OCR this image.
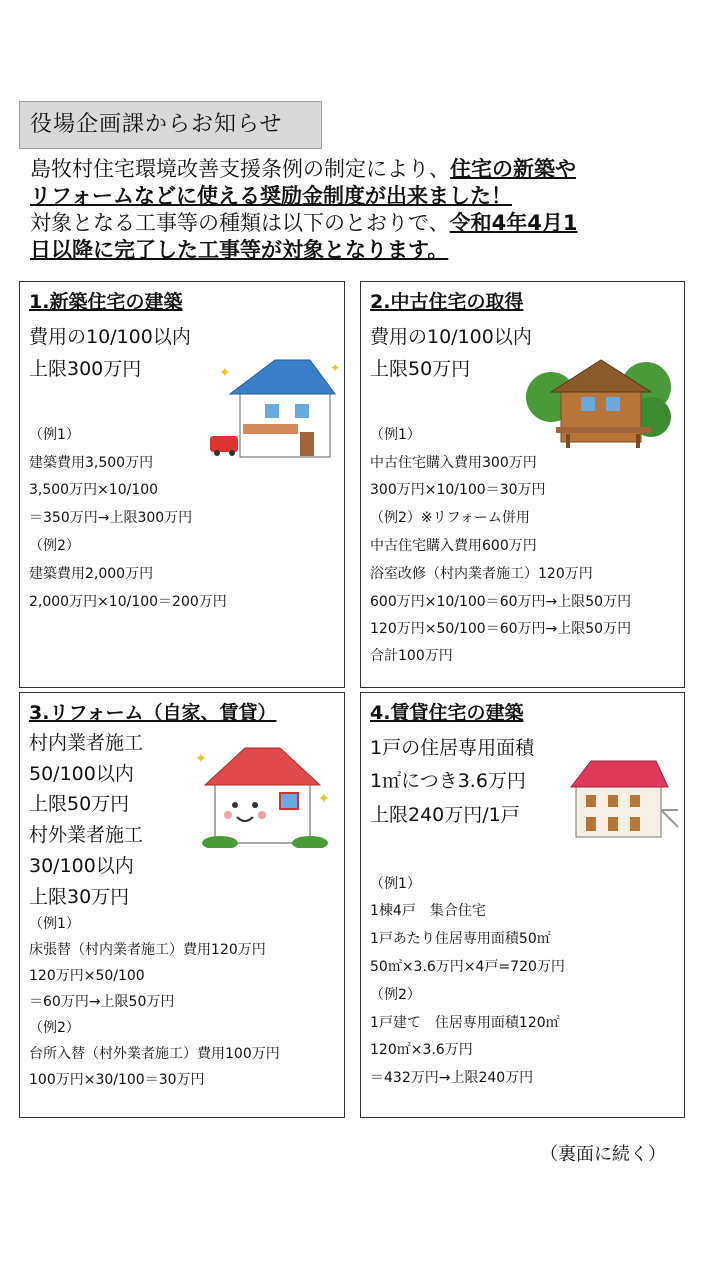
役場企画課からお知らせ
島牧村住宅環境改善支援条例の制定により、住宅の新築や
リフォームなどに使える奨励金制度が出来ました！
対象となる工事等の種類は以下のとおりで、令和4年4月1
日以降に完了した工事等が対象となります。
1.新築住宅の建築
費用の10/100以内
上限300万円
（例1）
建築費用3,500万円
3,500万円×10/100
＝350万円→上限300万円
（例2）
建築費用2,000万円
2,000万円×10/100＝200万円
✦	✦
2.中古住宅の取得
費用の10/100以内
上限50万円
（例1）
中古住宅購入費用300万円
300万円×10/100＝30万円
（例2）※リフォーム併用
中古住宅購入費用600万円
浴室改修（村内業者施工）120万円
600万円×10/100＝60万円→上限50万円
120万円×50/100＝60万円→上限50万円
合計100万円
3.リフォーム（自家、賃貸）
村内業者施工
50/100以内
上限50万円
村外業者施工
30/100以内
上限30万円
（例1）
床張替（村内業者施工）費用120万円
120万円×50/100
＝60万円→上限50万円
（例2）
台所入替（村外業者施工）費用100万円
100万円×30/100＝30万円
✦
✦
4.賃貸住宅の建築
1戸の住居専用面積
1㎡につき3.6万円
上限240万円/1戸
（例1）
1棟4戸　集合住宅
1戸あたり住居専用面積50㎡
50㎡×3.6万円×4戸=720万円
（例2）
1戸建て　住居専用面積120㎡
120㎡×3.6万円
＝432万円→上限240万円
（裏面に続く）
